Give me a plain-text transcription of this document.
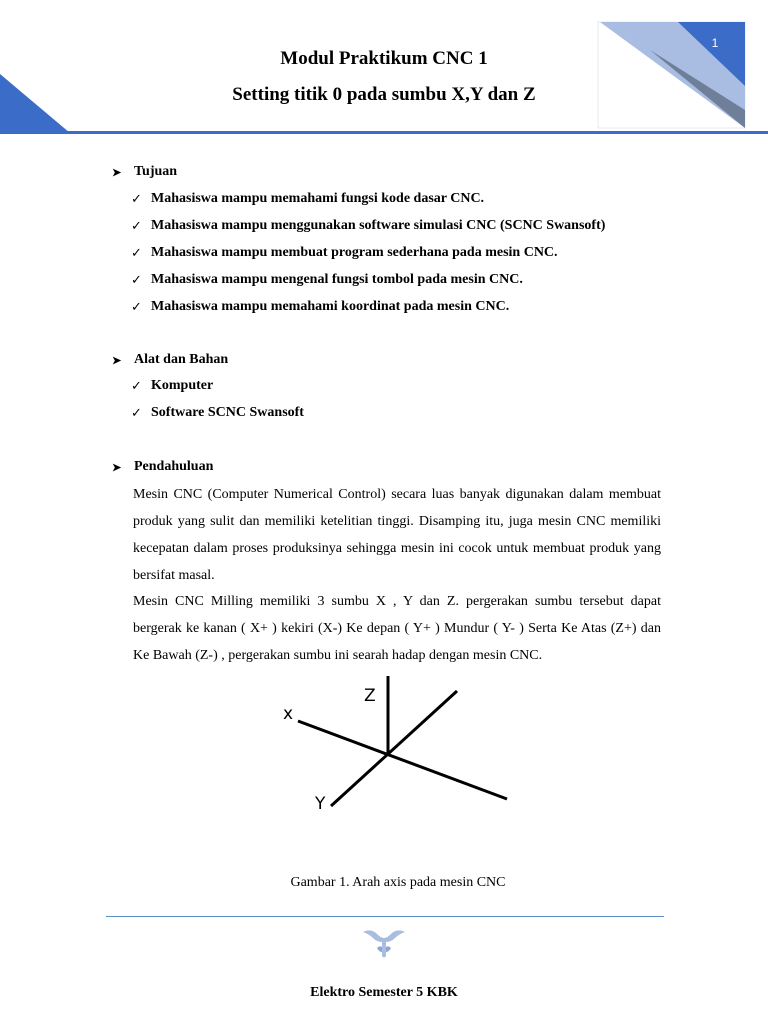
1
Modul Praktikum CNC 1
Setting titik 0 pada sumbu X,Y dan Z
➤ Tujuan
✓ Mahasiswa mampu memahami fungsi kode dasar CNC.
✓ Mahasiswa mampu menggunakan software simulasi CNC (SCNC Swansoft)
✓ Mahasiswa mampu membuat program sederhana pada mesin CNC.
✓ Mahasiswa mampu mengenal fungsi tombol pada mesin CNC.
✓ Mahasiswa mampu memahami koordinat pada mesin CNC.
➤ Alat dan Bahan
✓ Komputer
✓ Software SCNC Swansoft
➤ Pendahuluan
Mesin CNC (Computer Numerical Control) secara luas banyak digunakan dalam membuat produk yang sulit dan memiliki ketelitian tinggi. Disamping itu, juga mesin CNC memiliki kecepatan dalam proses produksinya sehingga mesin ini cocok untuk membuat produk yang bersifat masal.
Mesin CNC Milling memiliki 3 sumbu X , Y dan Z. pergerakan sumbu tersebut dapat bergerak ke kanan ( X+ ) kekiri (X-) Ke depan ( Y+ ) Mundur ( Y- ) Serta Ke Atas (Z+) dan Ke Bawah (Z-) , pergerakan sumbu ini searah hadap dengan mesin CNC.
Z
x
Y
Gambar 1. Arah axis pada mesin CNC
Elektro Semester 5 KBK
